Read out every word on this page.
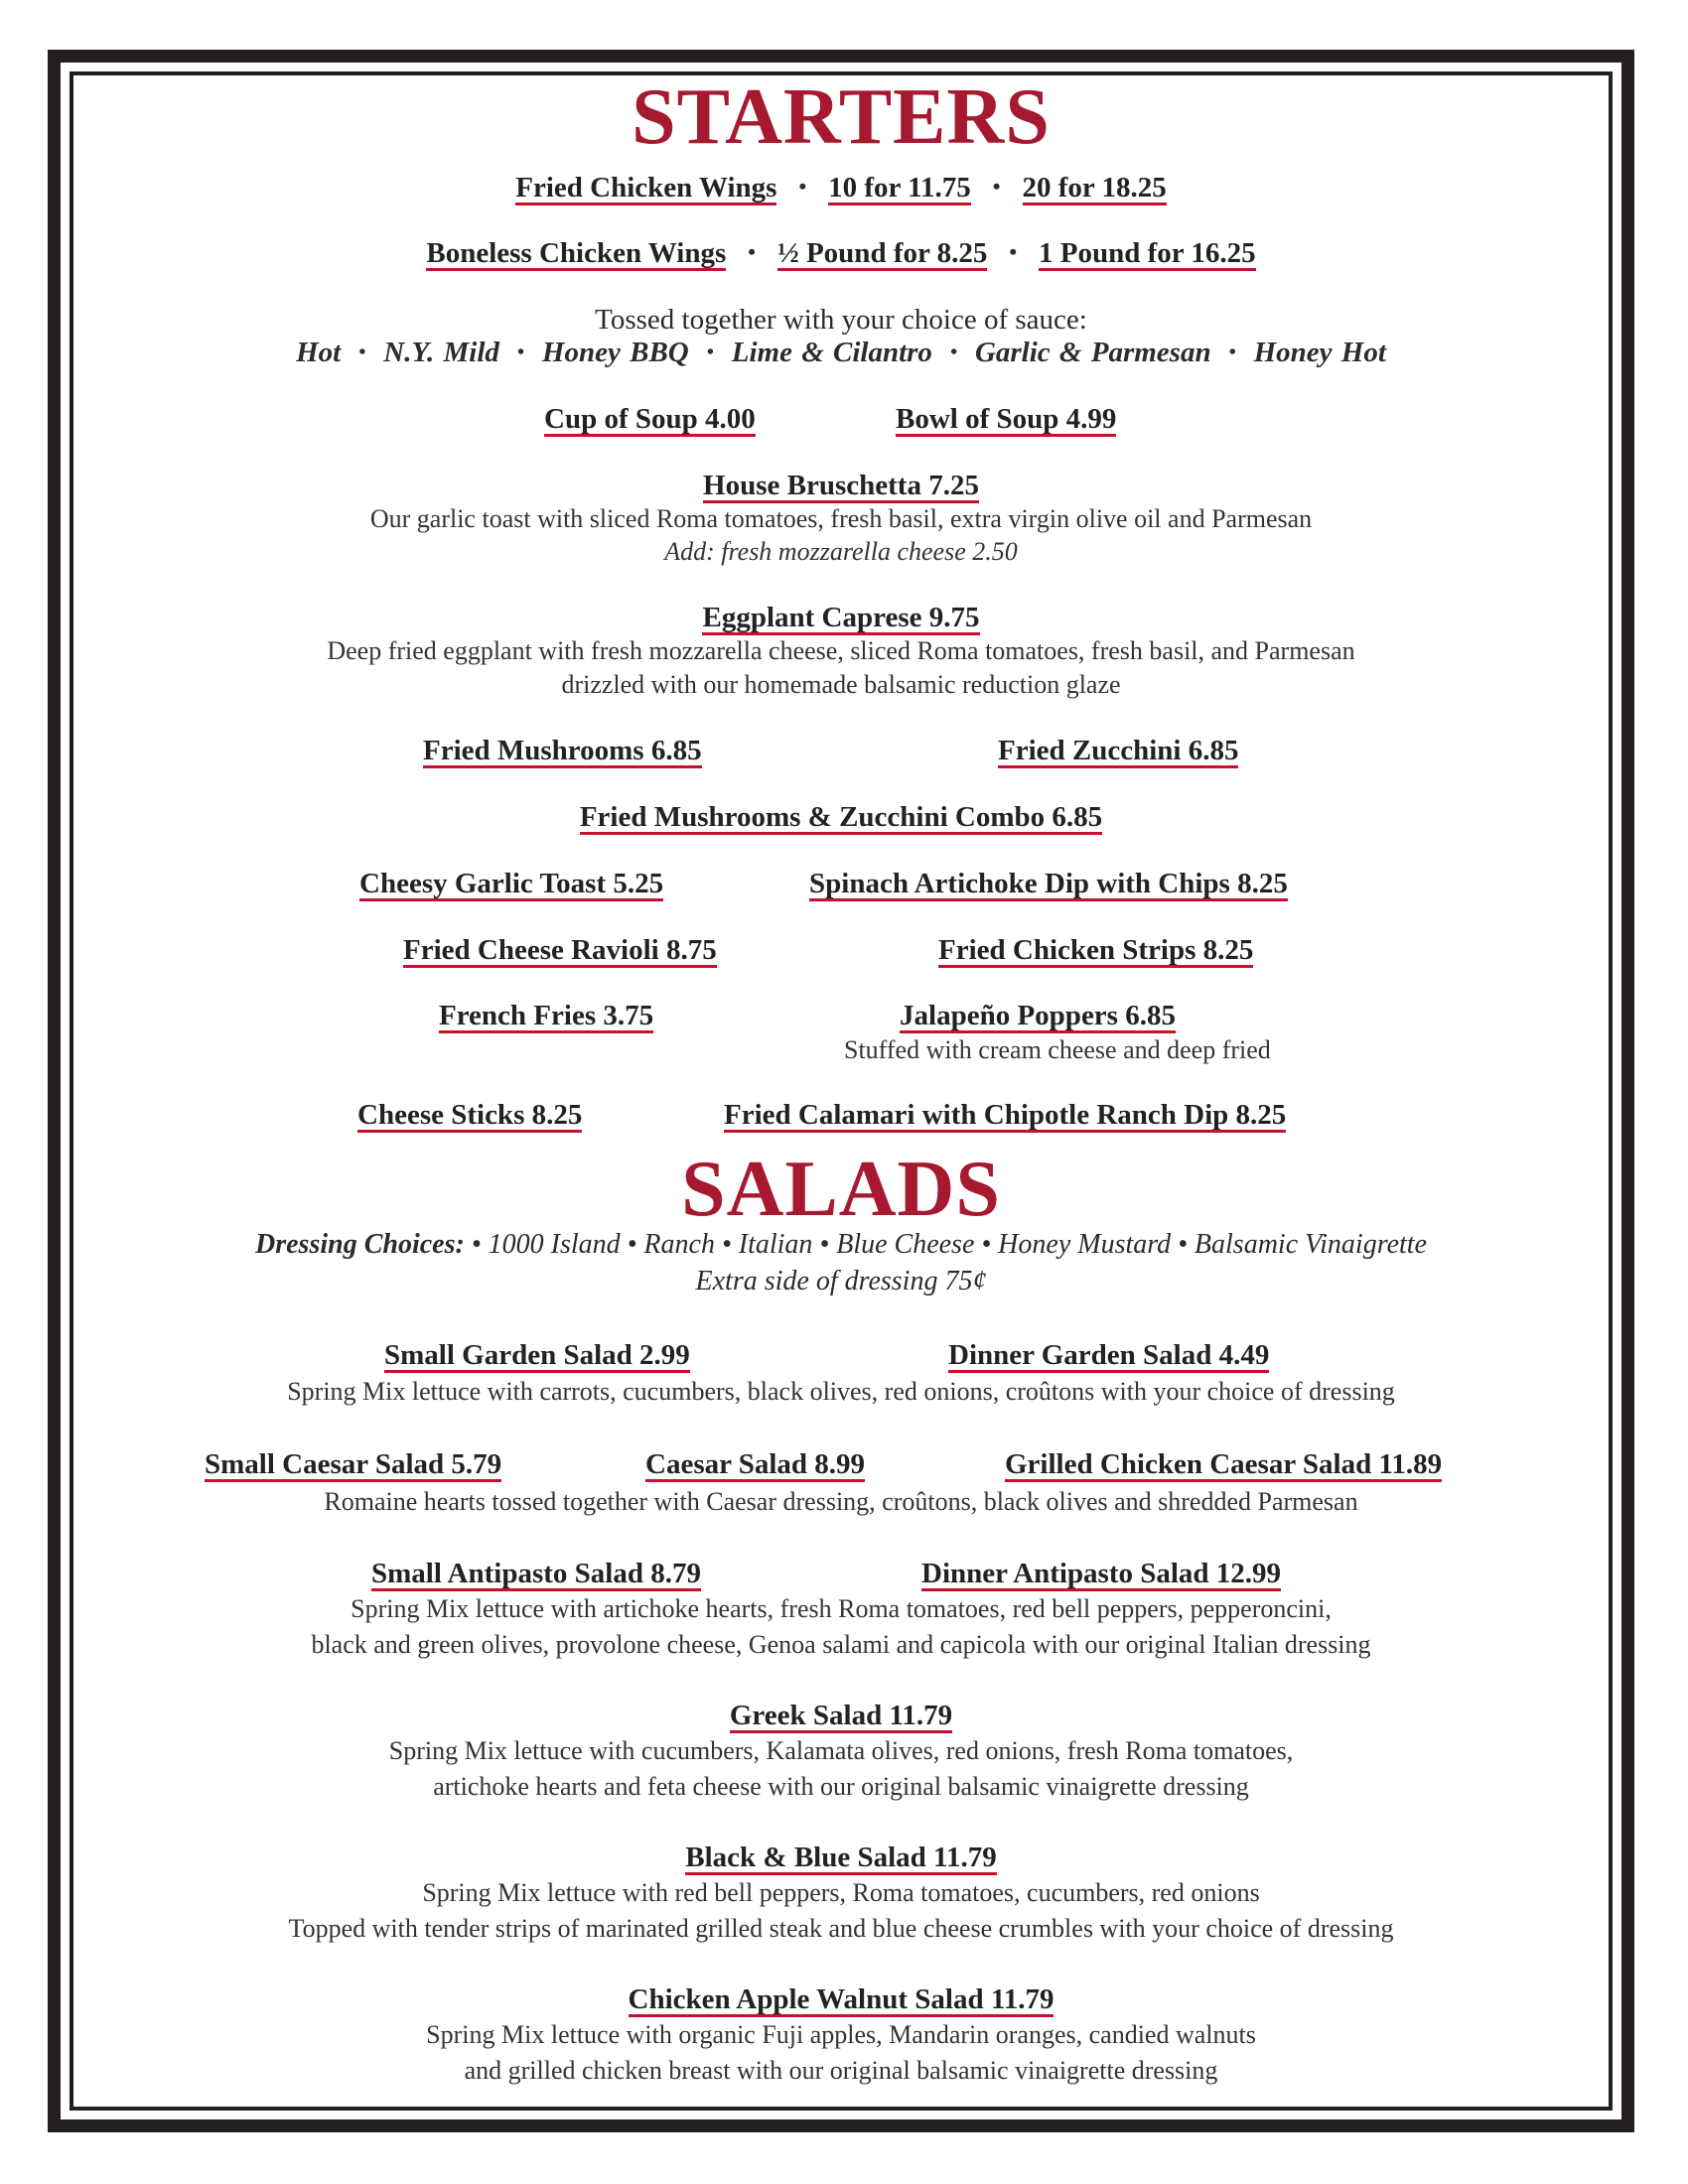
STARTERS
Fried Chicken Wings • 10 for 11.75 • 20 for 18.25
Boneless Chicken Wings • ½ Pound for 8.25 • 1 Pound for 16.25
Tossed together with your choice of sauce:
Hot • N.Y. Mild • Honey BBQ • Lime & Cilantro • Garlic & Parmesan • Honey Hot
Cup of Soup 4.00	Bowl of Soup 4.99
House Bruschetta 7.25
Our garlic toast with sliced Roma tomatoes, fresh basil, extra virgin olive oil and Parmesan
Add: fresh mozzarella cheese 2.50
Eggplant Caprese 9.75
Deep fried eggplant with fresh mozzarella cheese, sliced Roma tomatoes, fresh basil, and Parmesan
drizzled with our homemade balsamic reduction glaze
Fried Mushrooms 6.85	Fried Zucchini 6.85
Fried Mushrooms & Zucchini Combo 6.85
Cheesy Garlic Toast 5.25	Spinach Artichoke Dip with Chips 8.25
Fried Cheese Ravioli 8.75	Fried Chicken Strips 8.25
French Fries 3.75	Jalapeño Poppers 6.85
Stuffed with cream cheese and deep fried
Cheese Sticks 8.25	Fried Calamari with Chipotle Ranch Dip 8.25
SALADS
Dressing Choices: • 1000 Island • Ranch • Italian • Blue Cheese • Honey Mustard • Balsamic Vinaigrette
Extra side of dressing 75¢
Small Garden Salad 2.99	Dinner Garden Salad 4.49
Spring Mix lettuce with carrots, cucumbers, black olives, red onions, croûtons with your choice of dressing
Small Caesar Salad 5.79	Caesar Salad 8.99	Grilled Chicken Caesar Salad 11.89
Romaine hearts tossed together with Caesar dressing, croûtons, black olives and shredded Parmesan
Small Antipasto Salad 8.79	Dinner Antipasto Salad 12.99
Spring Mix lettuce with artichoke hearts, fresh Roma tomatoes, red bell peppers, pepperoncini,
black and green olives, provolone cheese, Genoa salami and capicola with our original Italian dressing
Greek Salad 11.79
Spring Mix lettuce with cucumbers, Kalamata olives, red onions, fresh Roma tomatoes,
artichoke hearts and feta cheese with our original balsamic vinaigrette dressing
Black & Blue Salad 11.79
Spring Mix lettuce with red bell peppers, Roma tomatoes, cucumbers, red onions
Topped with tender strips of marinated grilled steak and blue cheese crumbles with your choice of dressing
Chicken Apple Walnut Salad 11.79
Spring Mix lettuce with organic Fuji apples, Mandarin oranges, candied walnuts
and grilled chicken breast with our original balsamic vinaigrette dressing
